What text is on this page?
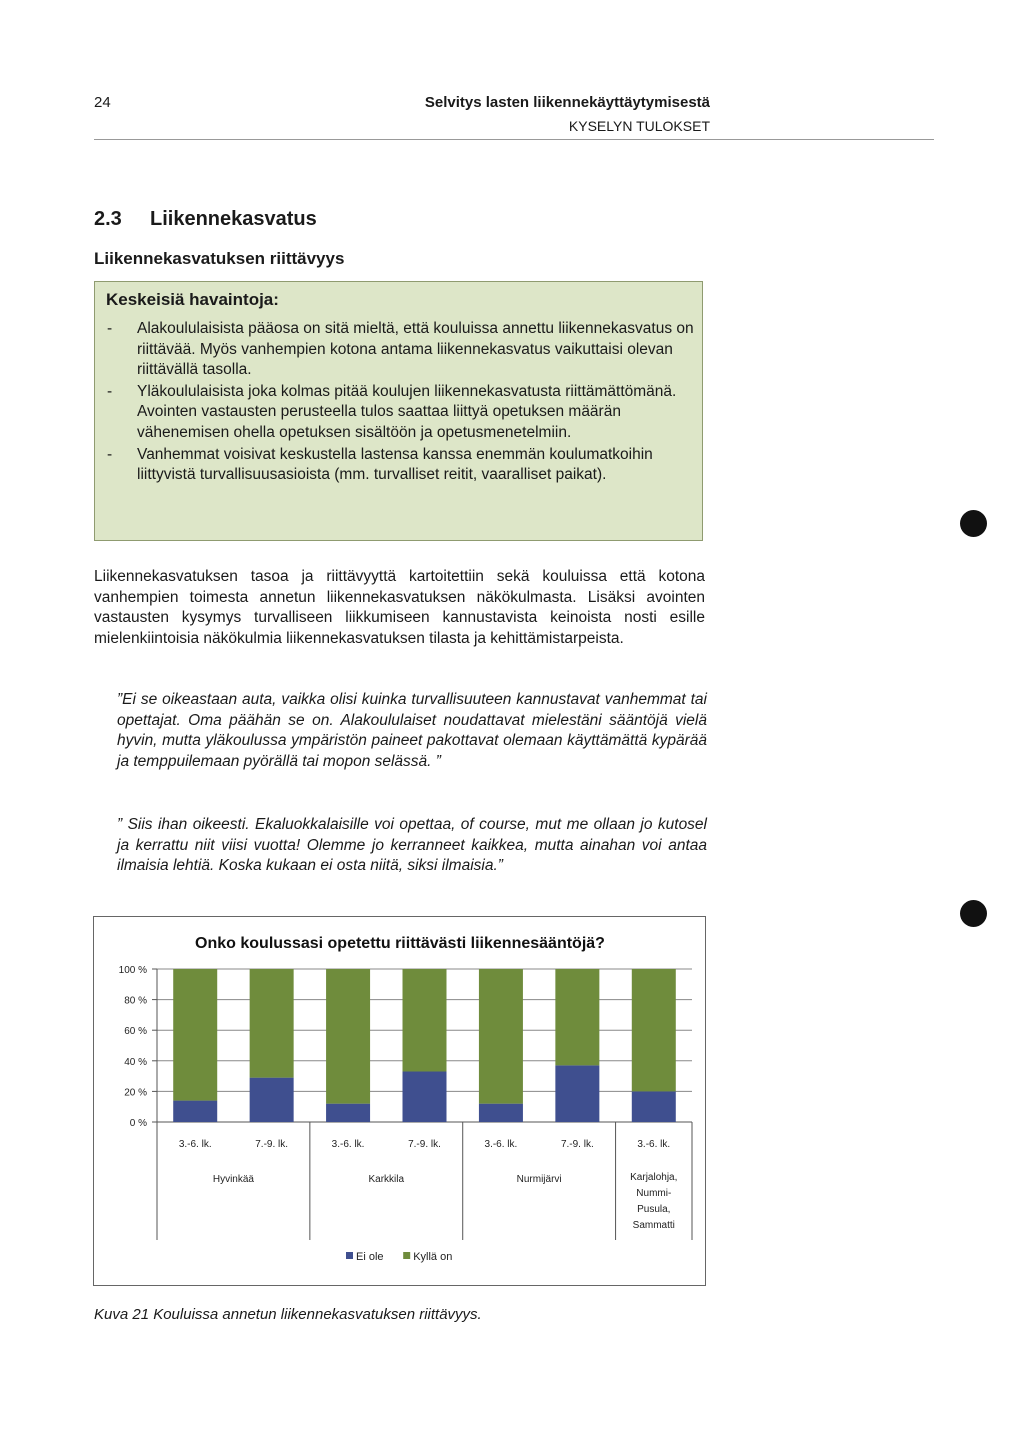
24	Selvitys lasten liikennekäyttäytymisestä
KYSELYN TULOKSET
2.3 Liikennekasvatus
Liikennekasvatuksen riittävyys
Keskeisiä havaintoja:
- Alakoululaisista pääosa on sitä mieltä, että kouluissa annettu liikennekasvatus on riittävää. Myös vanhempien kotona antama liikennekasvatus vaikuttaisi olevan riittävällä tasolla.
- Yläkoululaisista joka kolmas pitää koulujen liikennekasvatusta riittämättömänä. Avointen vastausten perusteella tulos saattaa liittyä opetuksen määrän vähenemisen ohella opetuksen sisältöön ja opetusmenetelmiin.
- Vanhemmat voisivat keskustella lastensa kanssa enemmän koulumatkoihin liittyvistä turvallisuusasioista (mm. turvalliset reitit, vaaralliset paikat).

Liikennekasvatuksen tasoa ja riittävyyttä kartoitettiin sekä kouluissa että kotona vanhempien toimesta annetun liikennekasvatuksen näkökulmasta. Lisäksi avointen vastausten kysymys turvalliseen liikkumiseen kannustavista keinoista nosti esille mielenkiintoisia näkökulmia liikennekasvatuksen tilasta ja kehittämistarpeista.

”Ei se oikeastaan auta, vaikka olisi kuinka turvallisuuteen kannustavat vanhemmat tai opettajat. Oma päähän se on. Alakoululaiset noudattavat mielestäni sääntöjä vielä hyvin, mutta yläkoulussa ympäristön paineet pakottavat olemaan käyttämättä kypärää ja temppuilemaan pyörällä tai mopon selässä. ”

” Siis ihan oikeesti. Ekaluokkalaisille voi opettaa, of course, mut me ollaan jo kutosel ja kerrattu niit viisi vuotta! Olemme jo kerranneet kaikkea, mutta ainahan voi antaa ilmaisia lehtiä. Koska kukaan ei osta niitä, siksi ilmaisia.”

Onko koulussasi opetettu riittävästi liikennesääntöjä?
0 %
20 %
40 %
60 %
80 %
100 %
3.-6. lk.	7.-9. lk.	3.-6. lk.	7.-9. lk.	3.-6. lk.	7.-9. lk.	3.-6. lk.
Hyvinkää	Karkkila	Nurmijärvi	Karjalohja, Nummi-Pusula, Sammatti
Ei ole	Kyllä on

Kuva 21 Kouluissa annetun liikennekasvatuksen riittävyys.
